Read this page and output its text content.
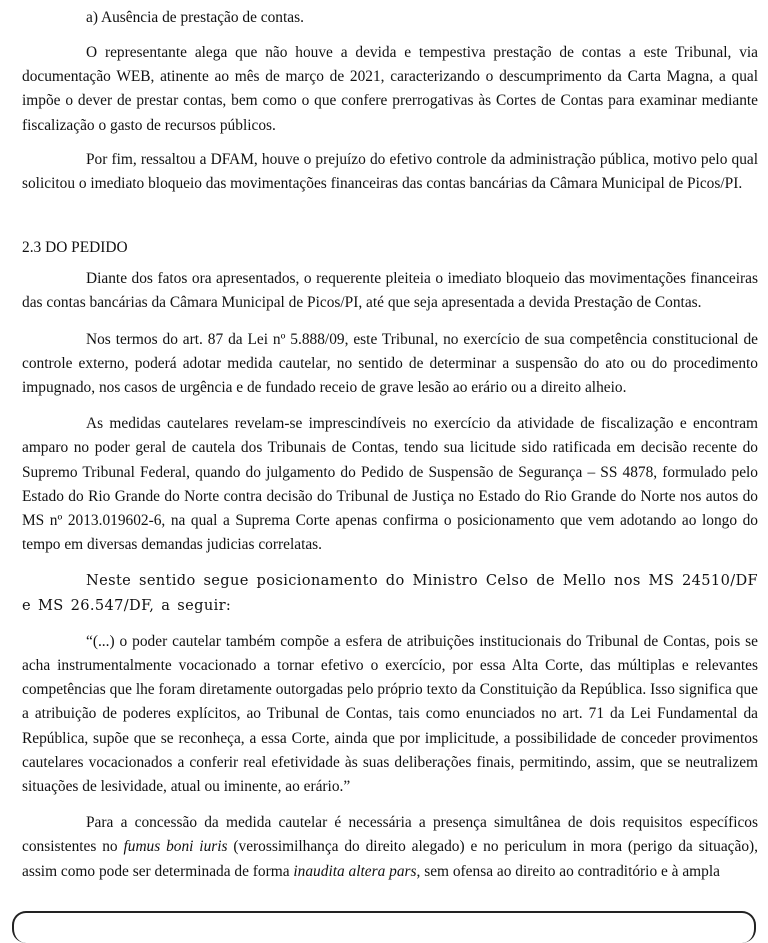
a) Ausência de prestação de contas.

O representante alega que não houve a devida e tempestiva prestação de contas a este Tribunal, via documentação WEB, atinente ao mês de março de 2021, caracterizando o descumprimento da Carta Magna, a qual impõe o dever de prestar contas, bem como o que confere prerrogativas às Cortes de Contas para examinar mediante fiscalização o gasto de recursos públicos.

Por fim, ressaltou a DFAM, houve o prejuízo do efetivo controle da administração pública, motivo pelo qual solicitou o imediato bloqueio das movimentações financeiras das contas bancárias da Câmara Municipal de Picos/PI.

2.3 DO PEDIDO

Diante dos fatos ora apresentados, o requerente pleiteia o imediato bloqueio das movimentações financeiras das contas bancárias da Câmara Municipal de Picos/PI, até que seja apresentada a devida Prestação de Contas.

Nos termos do art. 87 da Lei nº 5.888/09, este Tribunal, no exercício de sua competência constitucional de controle externo, poderá adotar medida cautelar, no sentido de determinar a suspensão do ato ou do procedimento impugnado, nos casos de urgência e de fundado receio de grave lesão ao erário ou a direito alheio.

As medidas cautelares revelam-se imprescindíveis no exercício da atividade de fiscalização e encontram amparo no poder geral de cautela dos Tribunais de Contas, tendo sua licitude sido ratificada em decisão recente do Supremo Tribunal Federal, quando do julgamento do Pedido de Suspensão de Segurança – SS 4878, formulado pelo Estado do Rio Grande do Norte contra decisão do Tribunal de Justiça no Estado do Rio Grande do Norte nos autos do MS nº 2013.019602-6, na qual a Suprema Corte apenas confirma o posicionamento que vem adotando ao longo do tempo em diversas demandas judicias correlatas.

Neste sentido segue posicionamento do Ministro Celso de Mello nos MS 24510/DF e MS 26.547/DF, a seguir:

“(...) o poder cautelar também compõe a esfera de atribuições institucionais do Tribunal de Contas, pois se acha instrumentalmente vocacionado a tornar efetivo o exercício, por essa Alta Corte, das múltiplas e relevantes competências que lhe foram diretamente outorgadas pelo próprio texto da Constituição da República. Isso significa que a atribuição de poderes explícitos, ao Tribunal de Contas, tais como enunciados no art. 71 da Lei Fundamental da República, supõe que se reconheça, a essa Corte, ainda que por implicitude, a possibilidade de conceder provimentos cautelares vocacionados a conferir real efetividade às suas deliberações finais, permitindo, assim, que se neutralizem situações de lesividade, atual ou iminente, ao erário.”

Para a concessão da medida cautelar é necessária a presença simultânea de dois requisitos específicos consistentes no fumus boni iuris (verossimilhança do direito alegado) e no periculum in mora (perigo da situação), assim como pode ser determinada de forma inaudita altera pars, sem ofensa ao direito ao contraditório e à ampla
